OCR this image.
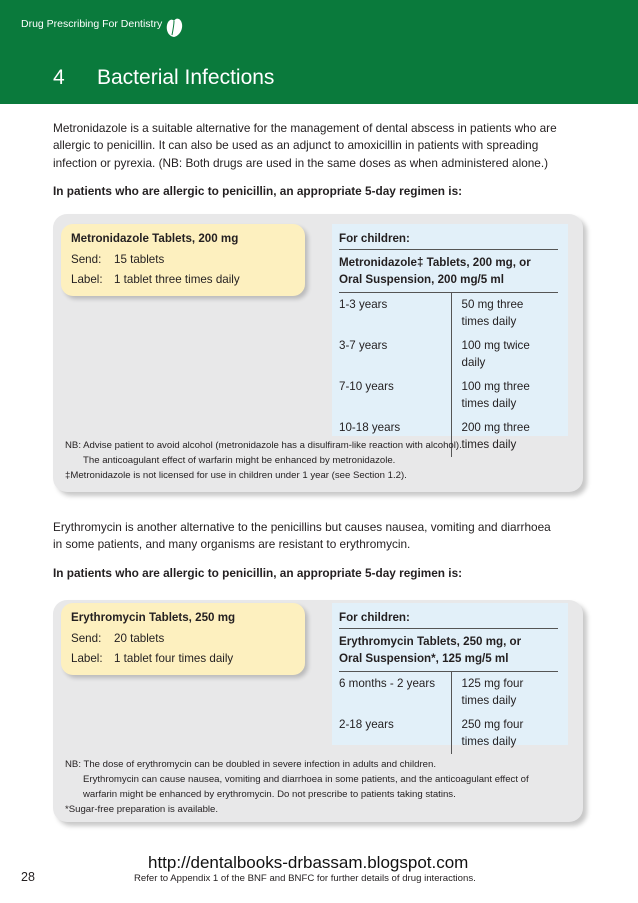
Drug Prescribing For Dentistry
4 Bacterial Infections
Metronidazole is a suitable alternative for the management of dental abscess in patients who are
allergic to penicillin. It can also be used as an adjunct to amoxicillin in patients with spreading
infection or pyrexia. (NB: Both drugs are used in the same doses as when administered alone.)
In patients who are allergic to penicillin, an appropriate 5-day regimen is:
Metronidazole Tablets, 200 mg
Send:	15 tablets
Label: 1 tablet three times daily
For children:
Metronidazole‡ Tablets, 200 mg, or
Oral Suspension, 200 mg/5 ml
1-3 years	50 mg three
times daily

3-7 years	100 mg twice
daily

7-10 years	100 mg three
times daily

10-18 years	200 mg three
times daily
NB: Advise patient to avoid alcohol (metronidazole has a disulfiram-like reaction with alcohol).
The anticoagulant effect of warfarin might be enhanced by metronidazole.
‡Metronidazole is not licensed for use in children under 1 year (see Section 1.2).
Erythromycin is another alternative to the penicillins but causes nausea, vomiting and diarrhoea
in some patients, and many organisms are resistant to erythromycin.
In patients who are allergic to penicillin, an appropriate 5-day regimen is:
Erythromycin Tablets, 250 mg
Send:	20 tablets
Label: 1 tablet four times daily
For children:
Erythromycin Tablets, 250 mg, or
Oral Suspension*, 125 mg/5 ml
6 months - 2 years	125 mg four
times daily

2-18 years	250 mg four
times daily
NB: The dose of erythromycin can be doubled in severe infection in adults and children.
Erythromycin can cause nausea, vomiting and diarrhoea in some patients, and the anticoagulant effect of
warfarin might be enhanced by erythromycin. Do not prescribe to patients taking statins.
*Sugar-free preparation is available.
http://dentalbooks-drbassam.blogspot.com
28	Refer to Appendix 1 of the BNF and BNFC for further details of drug interactions.
